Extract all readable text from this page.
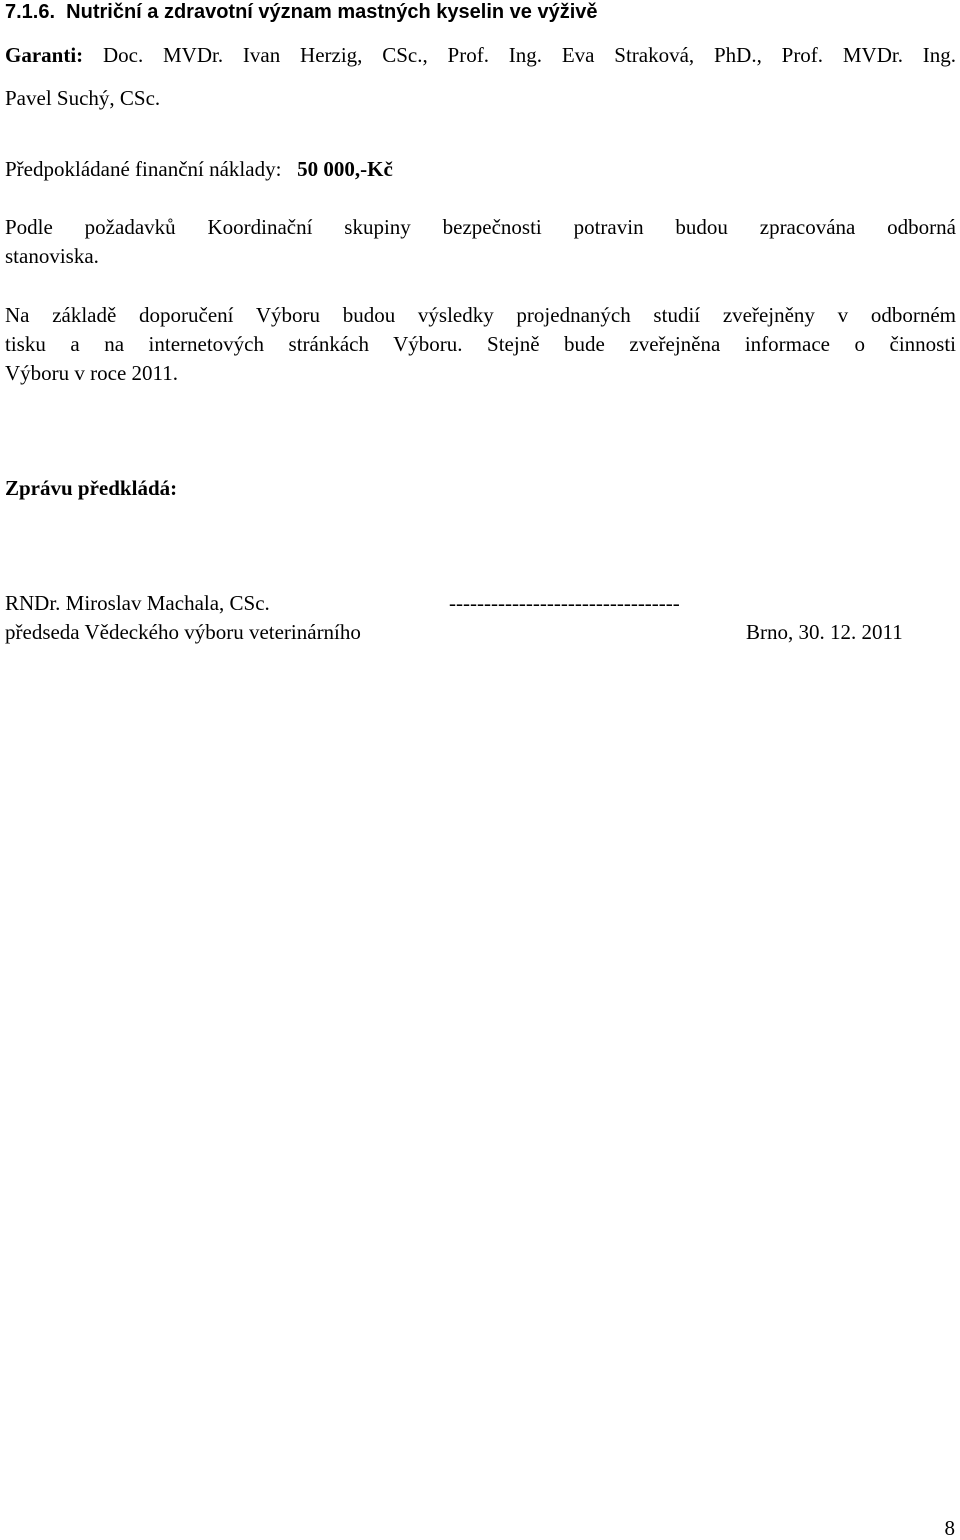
7.1.6. Nutriční a zdravotní význam mastných kyselin ve výživě
Garanti: Doc. MVDr. Ivan Herzig, CSc., Prof. Ing. Eva Straková, PhD., Prof. MVDr. Ing.
Pavel Suchý, CSc.
Předpokládané finanční náklady: 50 000,-Kč
Podle požadavků Koordinační skupiny bezpečnosti potravin budou zpracována odborná
stanoviska.
Na základě doporučení Výboru budou výsledky projednaných studií zveřejněny v odborném
tisku a na internetových stránkách Výboru. Stejně bude zveřejněna informace o činnosti
Výboru v roce 2011.
Zprávu předkládá:
RNDr. Miroslav Machala, CSc.	---------------------------------
předseda Vědeckého výboru veterinárního	Brno, 30. 12. 2011
8
